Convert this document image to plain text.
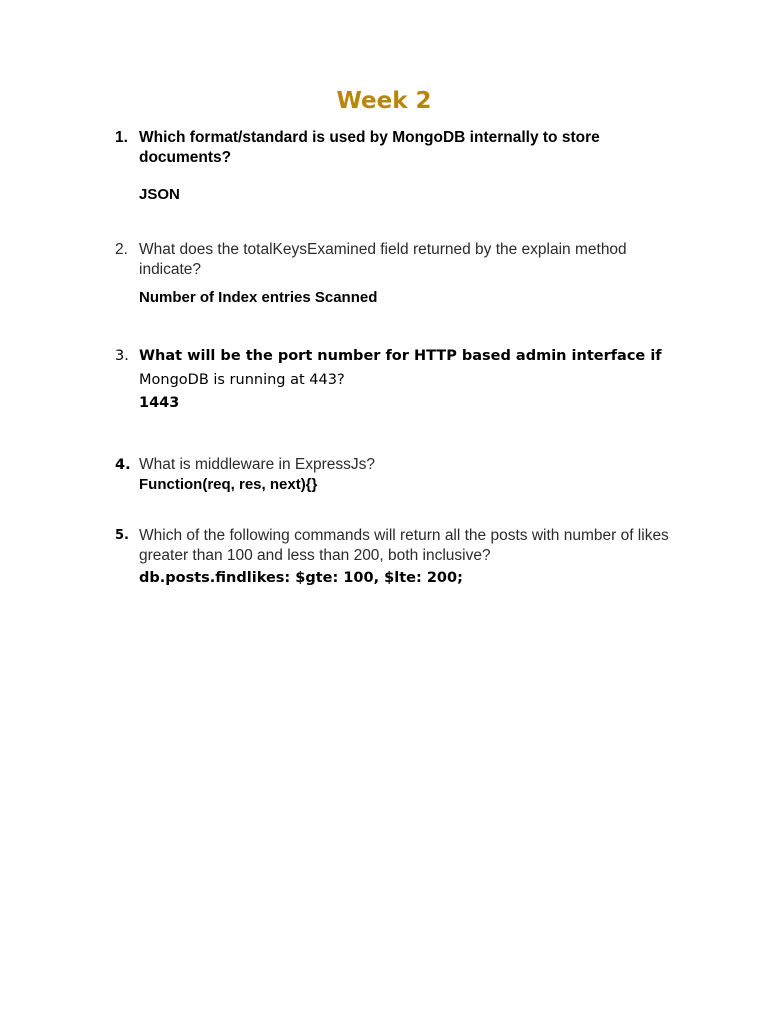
Week 2
1. Which format/standard is used by MongoDB internally to store documents?
JSON
2. What does the totalKeysExamined field returned by the explain method indicate?
Number of Index entries Scanned
3. What will be the port number for HTTP based admin interface if
MongoDB is running at 443?
1443
4. What is middleware in ExpressJs?
Function(req, res, next){}
5. Which of the following commands will return all the posts with number of likes greater than 100 and less than 200, both inclusive?
db.posts.findlikes: $gte: 100, $lte: 200;
